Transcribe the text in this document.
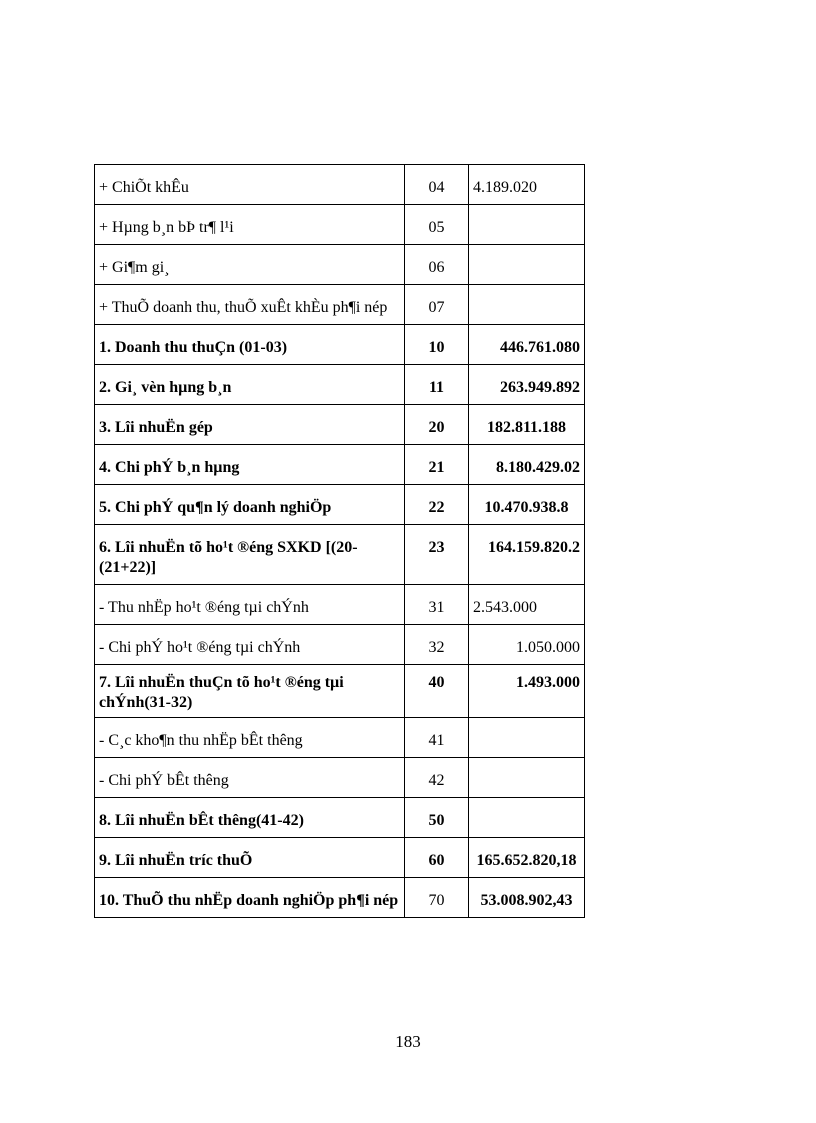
+ ChiÕt khÊu	04	4.189.020
+ Hµng b¸n bÞ tr¶ l¹i	05	
+ Gi¶m gi¸	06	
+ ThuÕ doanh thu, thuÕ xuÊt khÈu ph¶i nép	07	
1. Doanh thu thuÇn (01-03)	10	446.761.080
2. Gi¸ vèn hµng b¸n	11	263.949.892
3. Lîi nhuËn gép	20	182.811.188
4. Chi phÝ b¸n hµng	21	8.180.429.02
5. Chi phÝ qu¶n lý doanh nghiÖp	22	10.470.938.8
6. Lîi nhuËn tõ ho¹t ®éng SXKD [(20-(21+22)]	23	164.159.820.2
- Thu nhËp ho¹t ®éng tµi chÝnh	31	2.543.000
- Chi phÝ ho¹t ®éng tµi chÝnh	32	1.050.000
7. Lîi nhuËn thuÇn tõ ho¹t ®éng tµi chÝnh(31-32)	40	1.493.000
- C¸c kho¶n thu nhËp bÊt thêng	41	
- Chi phÝ bÊt thêng	42	
8. Lîi nhuËn bÊt thêng(41-42)	50	
9. Lîi nhuËn tríc thuÕ	60	165.652.820,18
10. ThuÕ thu nhËp doanh nghiÖp ph¶i nép	70	53.008.902,43
183
